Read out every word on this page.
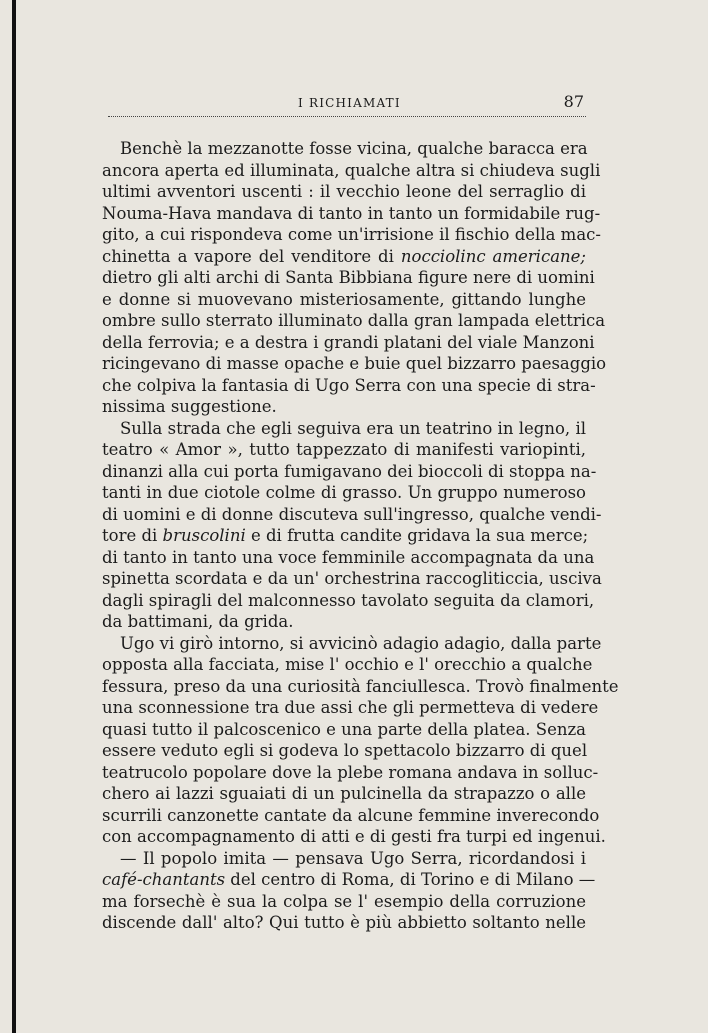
I RICHIAMATI	87
Benchè la mezzanotte fosse vicina, qualche baracca era
ancora aperta ed illuminata, qualche altra si chiudeva sugli
ultimi avventori uscenti : il vecchio leone del serraglio di
Nouma-Hava mandava di tanto in tanto un formidabile rug-
gito, a cui rispondeva come un'irrisione il fischio della mac-
chinetta a vapore del venditore di nocciolinc americane;
dietro gli alti archi di Santa Bibbiana figure nere di uomini
e donne si muovevano misteriosamente, gittando lunghe
ombre sullo sterrato illuminato dalla gran lampada elettrica
della ferrovia; e a destra i grandi platani del viale Manzoni
ricingevano di masse opache e buie quel bizzarro paesaggio
che colpiva la fantasia di Ugo Serra con una specie di stra-
nissima suggestione.
Sulla strada che egli seguiva era un teatrino in legno, il
teatro « Amor », tutto tappezzato di manifesti variopinti,
dinanzi alla cui porta fumigavano dei bioccoli di stoppa na-
tanti in due ciotole colme di grasso. Un gruppo numeroso
di uomini e di donne discuteva sull'ingresso, qualche vendi-
tore di bruscolini e di frutta candite gridava la sua merce;
di tanto in tanto una voce femminile accompagnata da una
spinetta scordata e da un' orchestrina raccogliticcia, usciva
dagli spiragli del malconnesso tavolato seguita da clamori,
da battimani, da grida.
Ugo vi girò intorno, si avvicinò adagio adagio, dalla parte
opposta alla facciata, mise l' occhio e l' orecchio a qualche
fessura, preso da una curiosità fanciullesca. Trovò finalmente
una sconnessione tra due assi che gli permetteva di vedere
quasi tutto il palcoscenico e una parte della platea. Senza
essere veduto egli si godeva lo spettacolo bizzarro di quel
teatrucolo popolare dove la plebe romana andava in solluc-
chero ai lazzi sguaiati di un pulcinella da strapazzo o alle
scurrili canzonette cantate da alcune femmine inverecondo
con accompagnamento di atti e di gesti fra turpi ed ingenui.
— Il popolo imita — pensava Ugo Serra, ricordandosi i
café-chantants del centro di Roma, di Torino e di Milano —
ma forsechè è sua la colpa se l' esempio della corruzione
discende dall' alto? Qui tutto è più abbietto soltanto nelle
